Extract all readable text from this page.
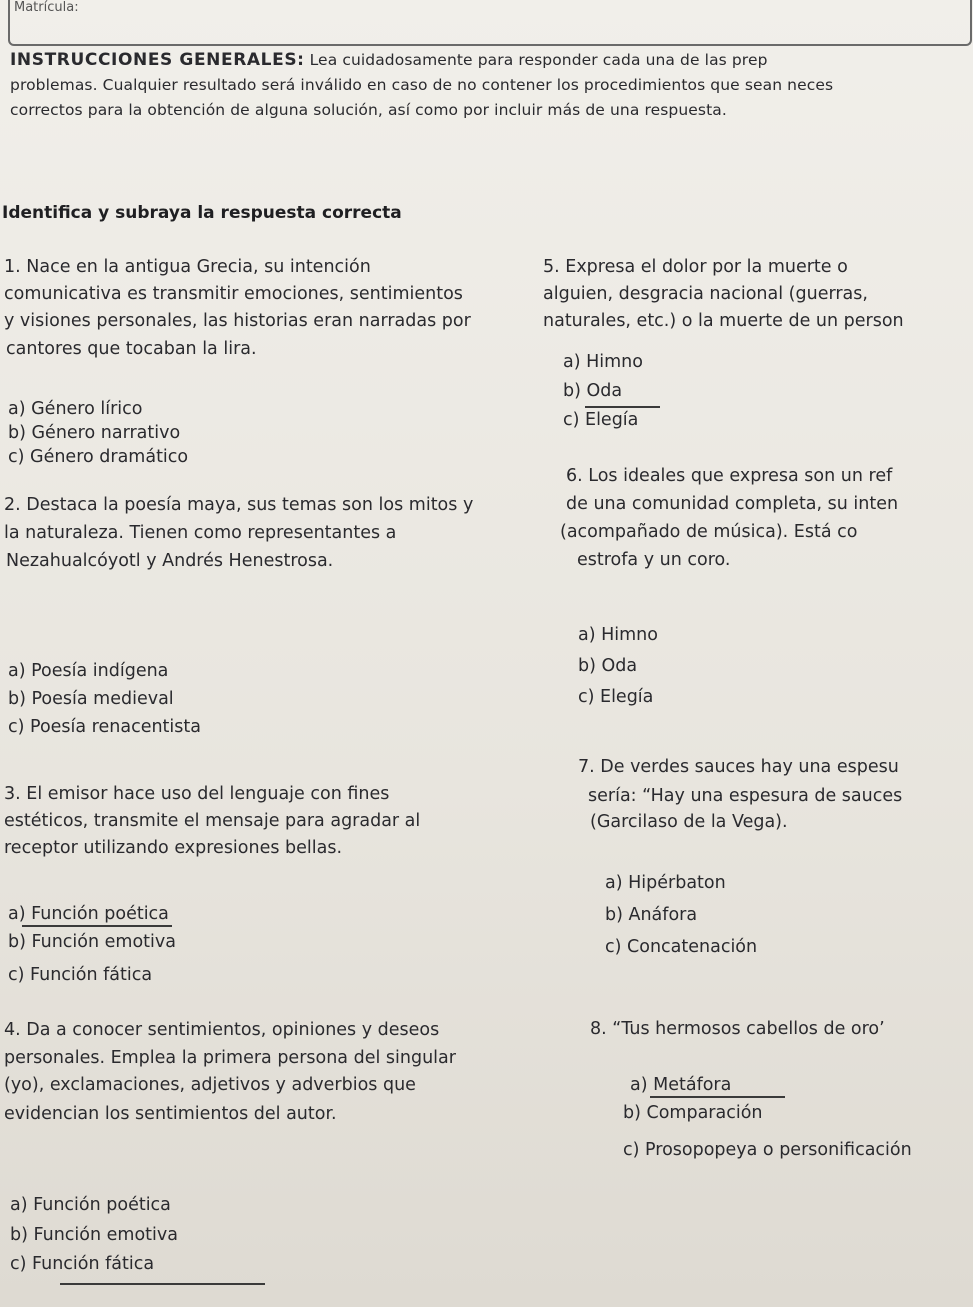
Matrícula:
INSTRUCCIONES GENERALES: Lea cuidadosamente para responder cada una de las prep
problemas. Cualquier resultado será inválido en caso de no contener los procedimientos que sean neces
correctos para la obtención de alguna solución, así como por incluir más de una respuesta.
Identifica y subraya la respuesta correcta
1. Nace en la antigua Grecia, su intención
comunicativa es transmitir emociones, sentimientos
y visiones personales, las historias eran narradas por
cantores que tocaban la lira.
a) Género lírico
b) Género narrativo
c) Género dramático
2. Destaca la poesía maya, sus temas son los mitos y
la naturaleza. Tienen como representantes a
Nezahualcóyotl y Andrés Henestrosa.
a) Poesía indígena
b) Poesía medieval
c) Poesía renacentista
3. El emisor hace uso del lenguaje con fines
estéticos, transmite el mensaje para agradar al
receptor utilizando expresiones bellas.
a) Función poética
b) Función emotiva
c) Función fática
4. Da a conocer sentimientos, opiniones y deseos
personales. Emplea la primera persona del singular
(yo), exclamaciones, adjetivos y adverbios que
evidencian los sentimientos del autor.
a) Función poética
b) Función emotiva
c) Función fática
5. Expresa el dolor por la muerte o
alguien, desgracia nacional (guerras,
naturales, etc.) o la muerte de un person
a) Himno
b) Oda
c) Elegía
6. Los ideales que expresa son un ref
de una comunidad completa, su inten
(acompañado de música). Está co
estrofa y un coro.
a) Himno
b) Oda
c) Elegía
7. De verdes sauces hay una espesu
sería: “Hay una espesura de sauces
(Garcilaso de la Vega).
a) Hipérbaton
b) Anáfora
c) Concatenación
8. “Tus hermosos cabellos de oro’
a) Metáfora
b) Comparación
c) Prosopopeya o personificación
